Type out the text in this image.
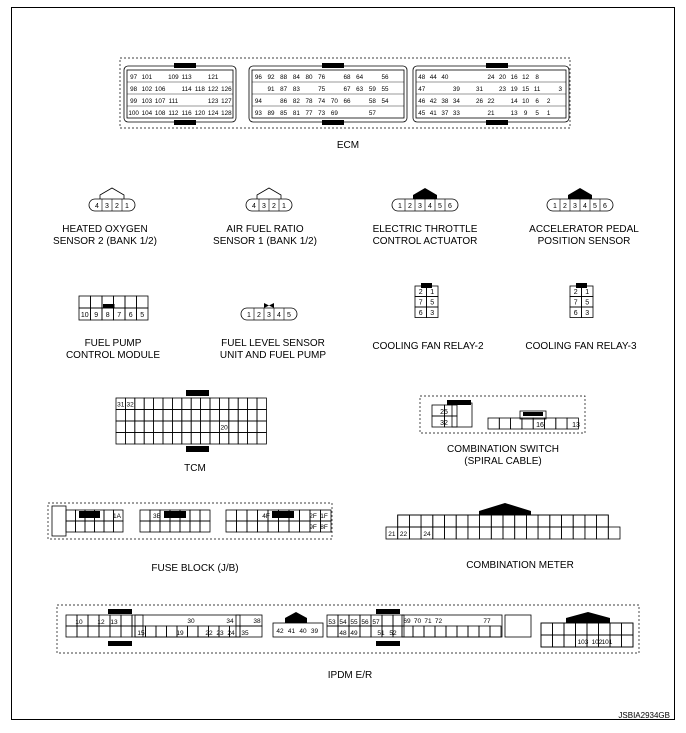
97 101	109 113	121
98 102 106	114 118 122 126
99 103 107 111	123 127
100 104 108 112 116 120 124 128
96 92 88 84 80 76	68 64	56
91 87 83	75	67 63 59 55
94	86 82 78 74 70 66	58 54
93 89 85 81 77 73 69	57
48 44 40	24 20 16 12 8
47	39	31	23 19 15 11	3
46 42 38 34	26 22	14 10 6 2
45 41 37 33	21	13 9 5 1
4 3 2 1	4 3 2 1	1 2 3 4 5 6	1 2 3 4 5 6
1 2 3 4 5
10 9 8 7 6 5
2 1
7 5
6 3
2 1
7 5
6 3
31 32
20
25
32	16	13
1A	3B	4F	2F 1F
9F 8F
21 22 24
10 12 13	30	34
15	19	22 23 24
38
35	42 41 40 39
53 54 55 56 57
48 49	51 52
69 70 71 72	77
103 102 101
ECM
HEATED OXYGEN
SENSOR 2 (BANK 1/2)
AIR FUEL RATIO
SENSOR 1 (BANK 1/2)
ELECTRIC THROTTLE
CONTROL ACTUATOR
ACCELERATOR PEDAL
POSITION SENSOR
FUEL PUMP
CONTROL MODULE
FUEL LEVEL SENSOR
UNIT AND FUEL PUMP
COOLING FAN RELAY-2	COOLING FAN RELAY-3
TCM
COMBINATION SWITCH
(SPIRAL CABLE)
FUSE BLOCK (J/B)	COMBINATION METER
IPDM E/R
JSBIA2934GB
